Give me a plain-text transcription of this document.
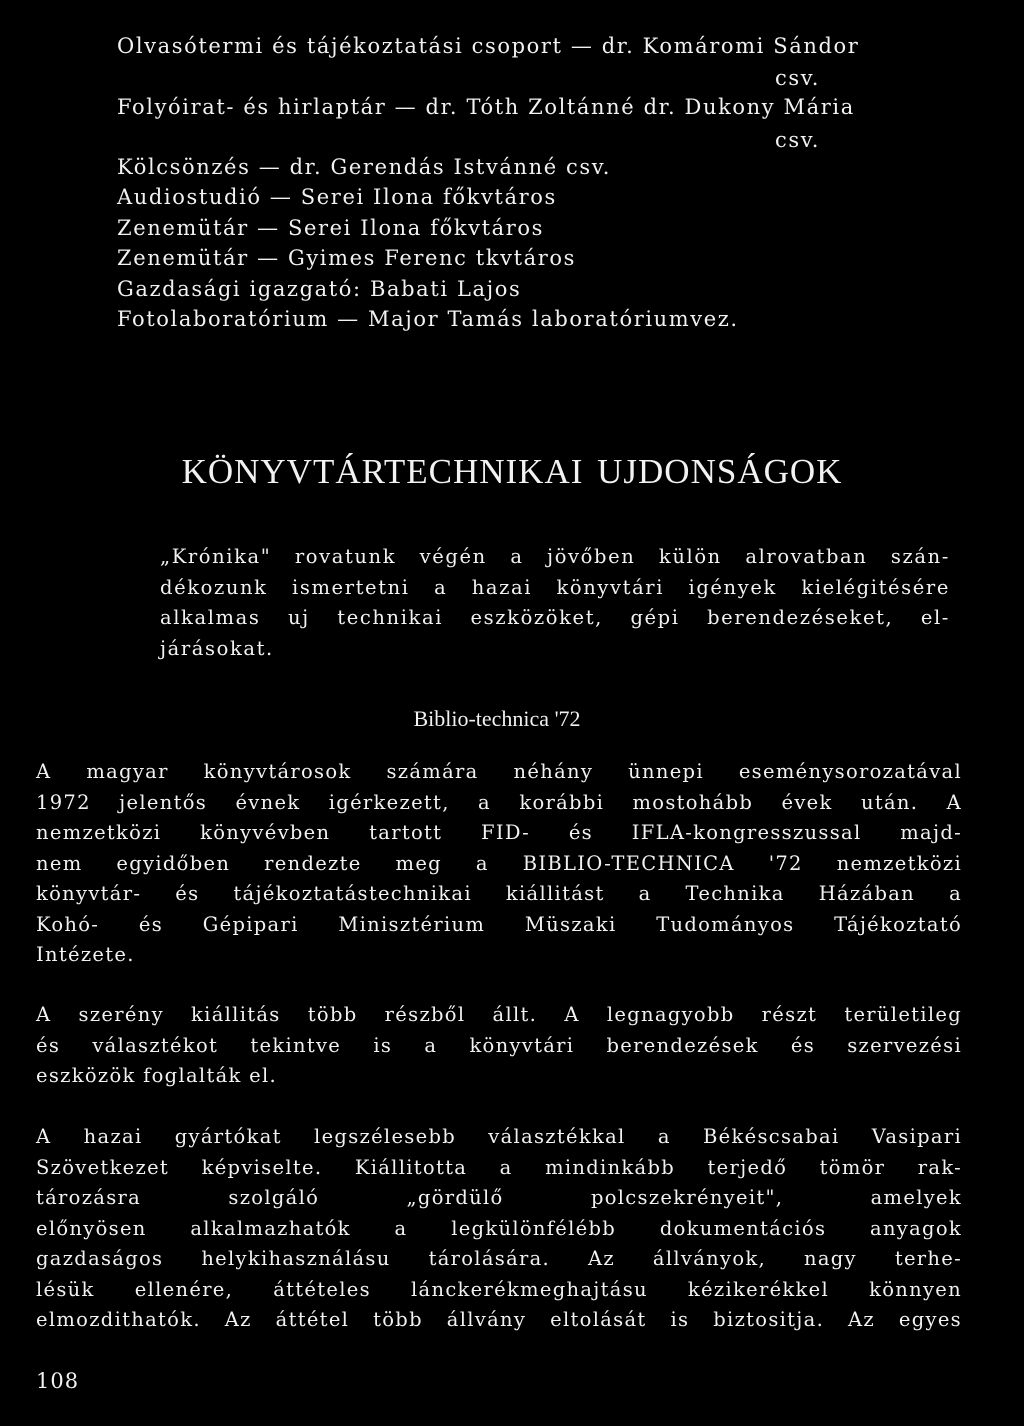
Olvasótermi és tájékoztatási csoport — dr. Komáromi Sándor
csv.
Folyóirat- és hirlaptár — dr. Tóth Zoltánné dr. Dukony Mária
csv.
Kölcsönzés — dr. Gerendás Istvánné csv.
Audiostudió — Serei Ilona főkvtáros
Zenemütár — Serei Ilona főkvtáros
Zenemütár — Gyimes Ferenc tkvtáros
Gazdasági igazgató: Babati Lajos
Fotolaboratórium — Major Tamás laboratóriumvez.
KÖNYVTÁRTECHNIKAI UJDONSÁGOK
„Krónika" rovatunk végén a jövőben külön alrovatban szán-
dékozunk ismertetni a hazai könyvtári igények kielégitésére
alkalmas uj technikai eszközöket, gépi berendezéseket, el-
járásokat.
Biblio-technica '72
A magyar könyvtárosok számára néhány ünnepi eseménysorozatával
1972 jelentős évnek igérkezett, a korábbi mostohább évek után. A
nemzetközi könyvévben tartott FID- és IFLA-kongresszussal majd-
nem egyidőben rendezte meg a BIBLIO-TECHNICA '72 nemzetközi
könyvtár- és tájékoztatástechnikai kiállitást a Technika Házában a
Kohó- és Gépipari Minisztérium Müszaki Tudományos Tájékoztató
Intézete.
A szerény kiállitás több részből állt. A legnagyobb részt területileg
és választékot tekintve is a könyvtári berendezések és szervezési
eszközök foglalták el.
A hazai gyártókat legszélesebb választékkal a Békéscsabai Vasipari
Szövetkezet képviselte. Kiállitotta a mindinkább terjedő tömör rak-
tározásra szolgáló „gördülő polcszekrényeit", amelyek
előnyösen alkalmazhatók a legkülönfélébb dokumentációs anyagok
gazdaságos helykihasználásu tárolására. Az állványok, nagy terhe-
lésük ellenére, áttételes lánckerékmeghajtásu kézikerékkel könnyen
elmozdithatók. Az áttétel több állvány eltolását is biztositja. Az egyes
108
